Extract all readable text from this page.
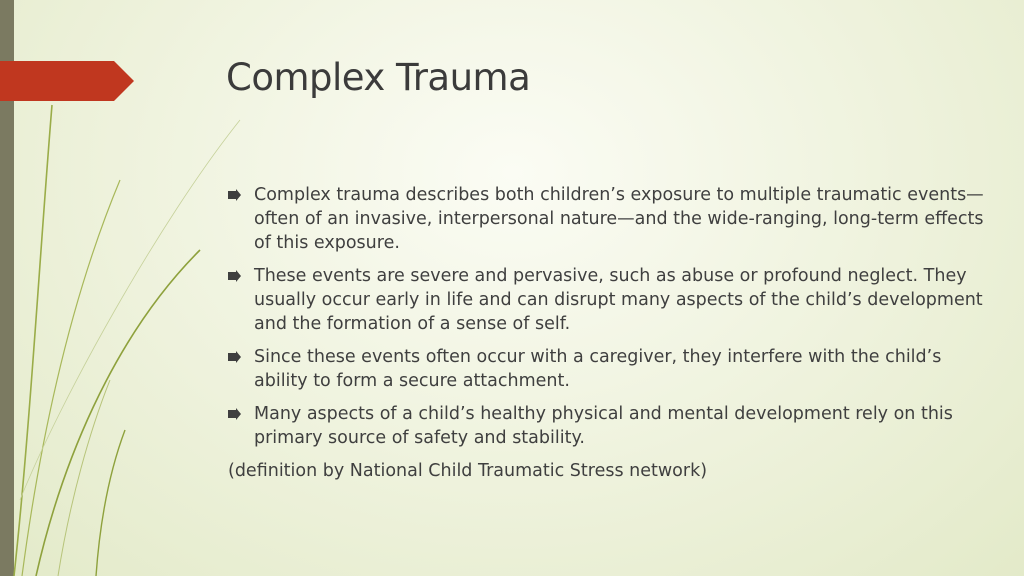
Complex Trauma
Complex trauma describes both children’s exposure to multiple traumatic events—often of an invasive, interpersonal nature—and the wide-ranging, long-term effects of this exposure.
These events are severe and pervasive, such as abuse or profound neglect. They usually occur early in life and can disrupt many aspects of the child’s development and the formation of a sense of self.
Since these events often occur with a caregiver, they interfere with the child’s ability to form a secure attachment.
Many aspects of a child’s healthy physical and mental development rely on this primary source of safety and stability.
(definition by National Child Traumatic Stress network)
